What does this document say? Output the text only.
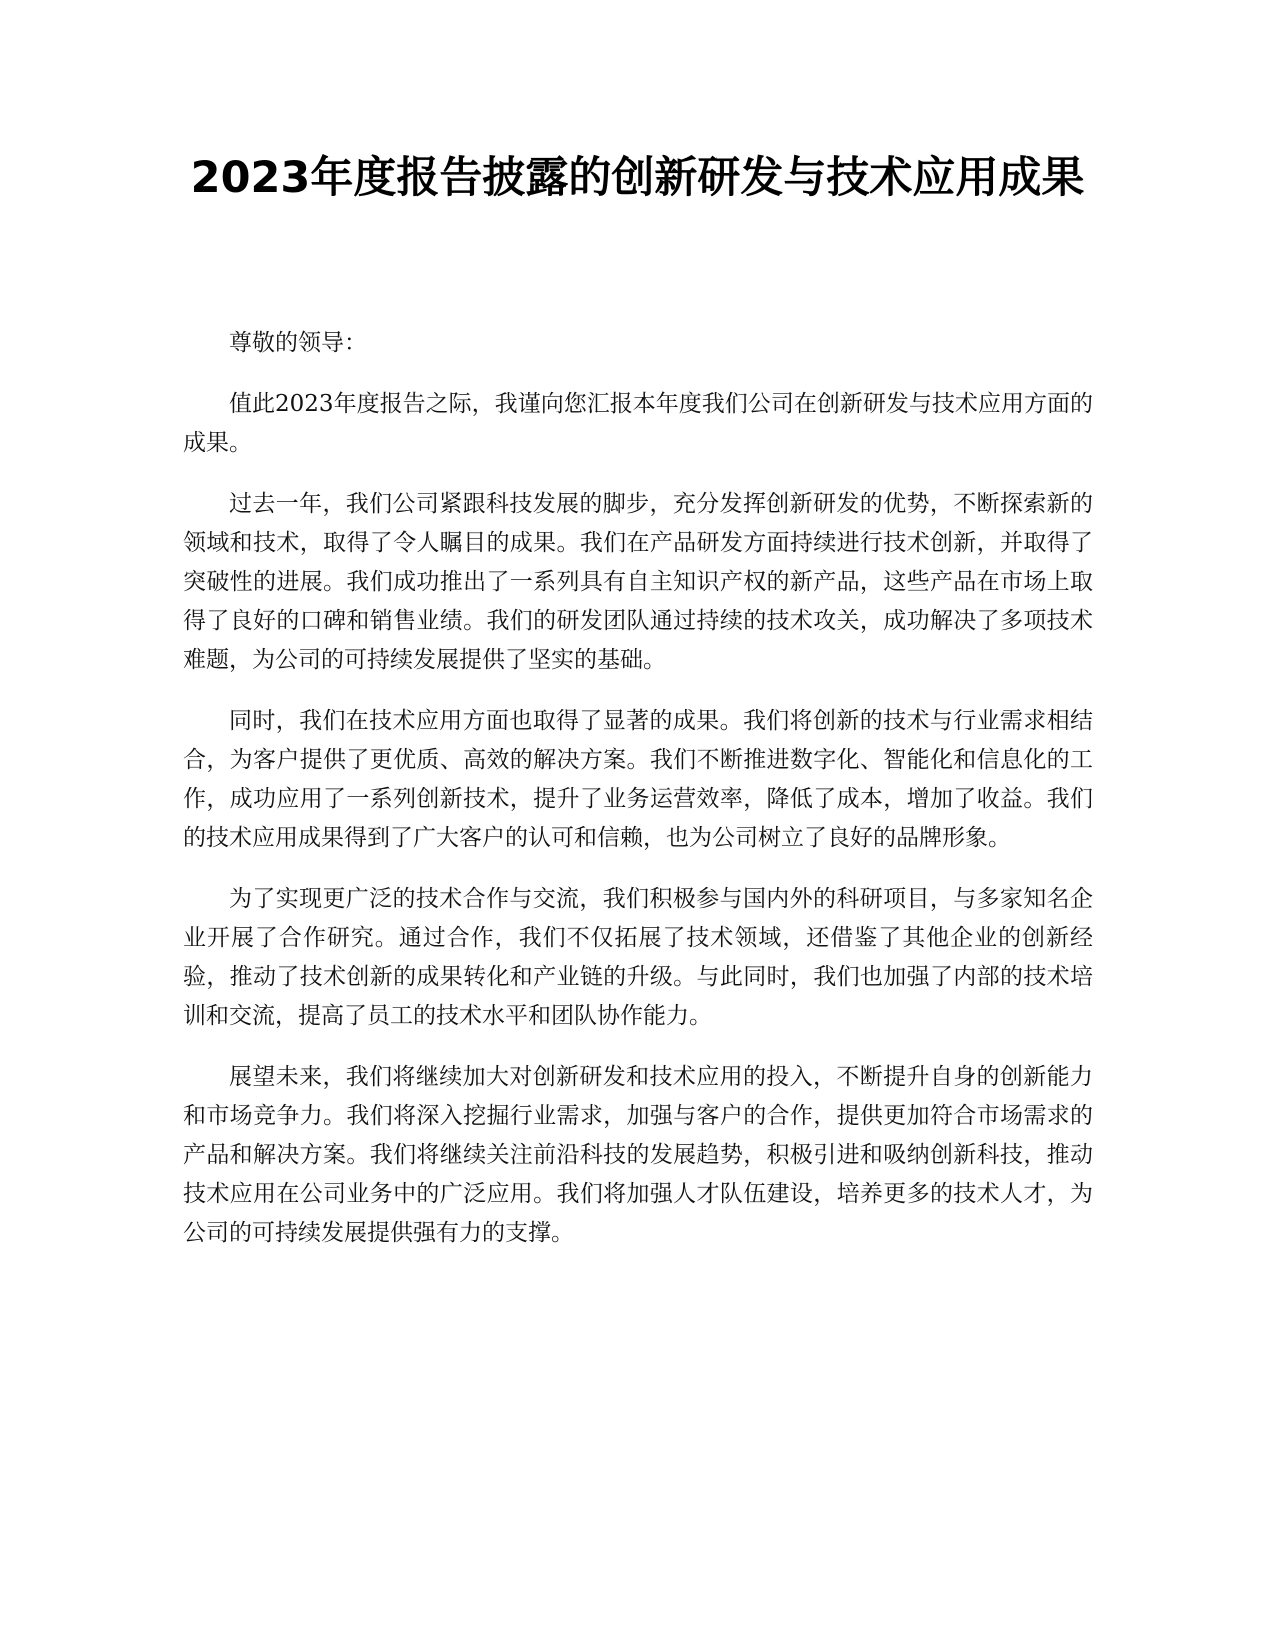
2023年度报告披露的创新研发与技术应用成果

尊敬的领导：

值此2023年度报告之际，我谨向您汇报本年度我们公司在创新研发与技术应用方面的成果。

过去一年，我们公司紧跟科技发展的脚步，充分发挥创新研发的优势，不断探索新的领域和技术，取得了令人瞩目的成果。我们在产品研发方面持续进行技术创新，并取得了突破性的进展。我们成功推出了一系列具有自主知识产权的新产品，这些产品在市场上取得了良好的口碑和销售业绩。我们的研发团队通过持续的技术攻关，成功解决了多项技术难题，为公司的可持续发展提供了坚实的基础。

同时，我们在技术应用方面也取得了显著的成果。我们将创新的技术与行业需求相结合，为客户提供了更优质、高效的解决方案。我们不断推进数字化、智能化和信息化的工作，成功应用了一系列创新技术，提升了业务运营效率，降低了成本，增加了收益。我们的技术应用成果得到了广大客户的认可和信赖，也为公司树立了良好的品牌形象。

为了实现更广泛的技术合作与交流，我们积极参与国内外的科研项目，与多家知名企业开展了合作研究。通过合作，我们不仅拓展了技术领域，还借鉴了其他企业的创新经验，推动了技术创新的成果转化和产业链的升级。与此同时，我们也加强了内部的技术培训和交流，提高了员工的技术水平和团队协作能力。

展望未来，我们将继续加大对创新研发和技术应用的投入，不断提升自身的创新能力和市场竞争力。我们将深入挖掘行业需求，加强与客户的合作，提供更加符合市场需求的产品和解决方案。我们将继续关注前沿科技的发展趋势，积极引进和吸纳创新科技，推动技术应用在公司业务中的广泛应用。我们将加强人才队伍建设，培养更多的技术人才，为公司的可持续发展提供强有力的支撑。
